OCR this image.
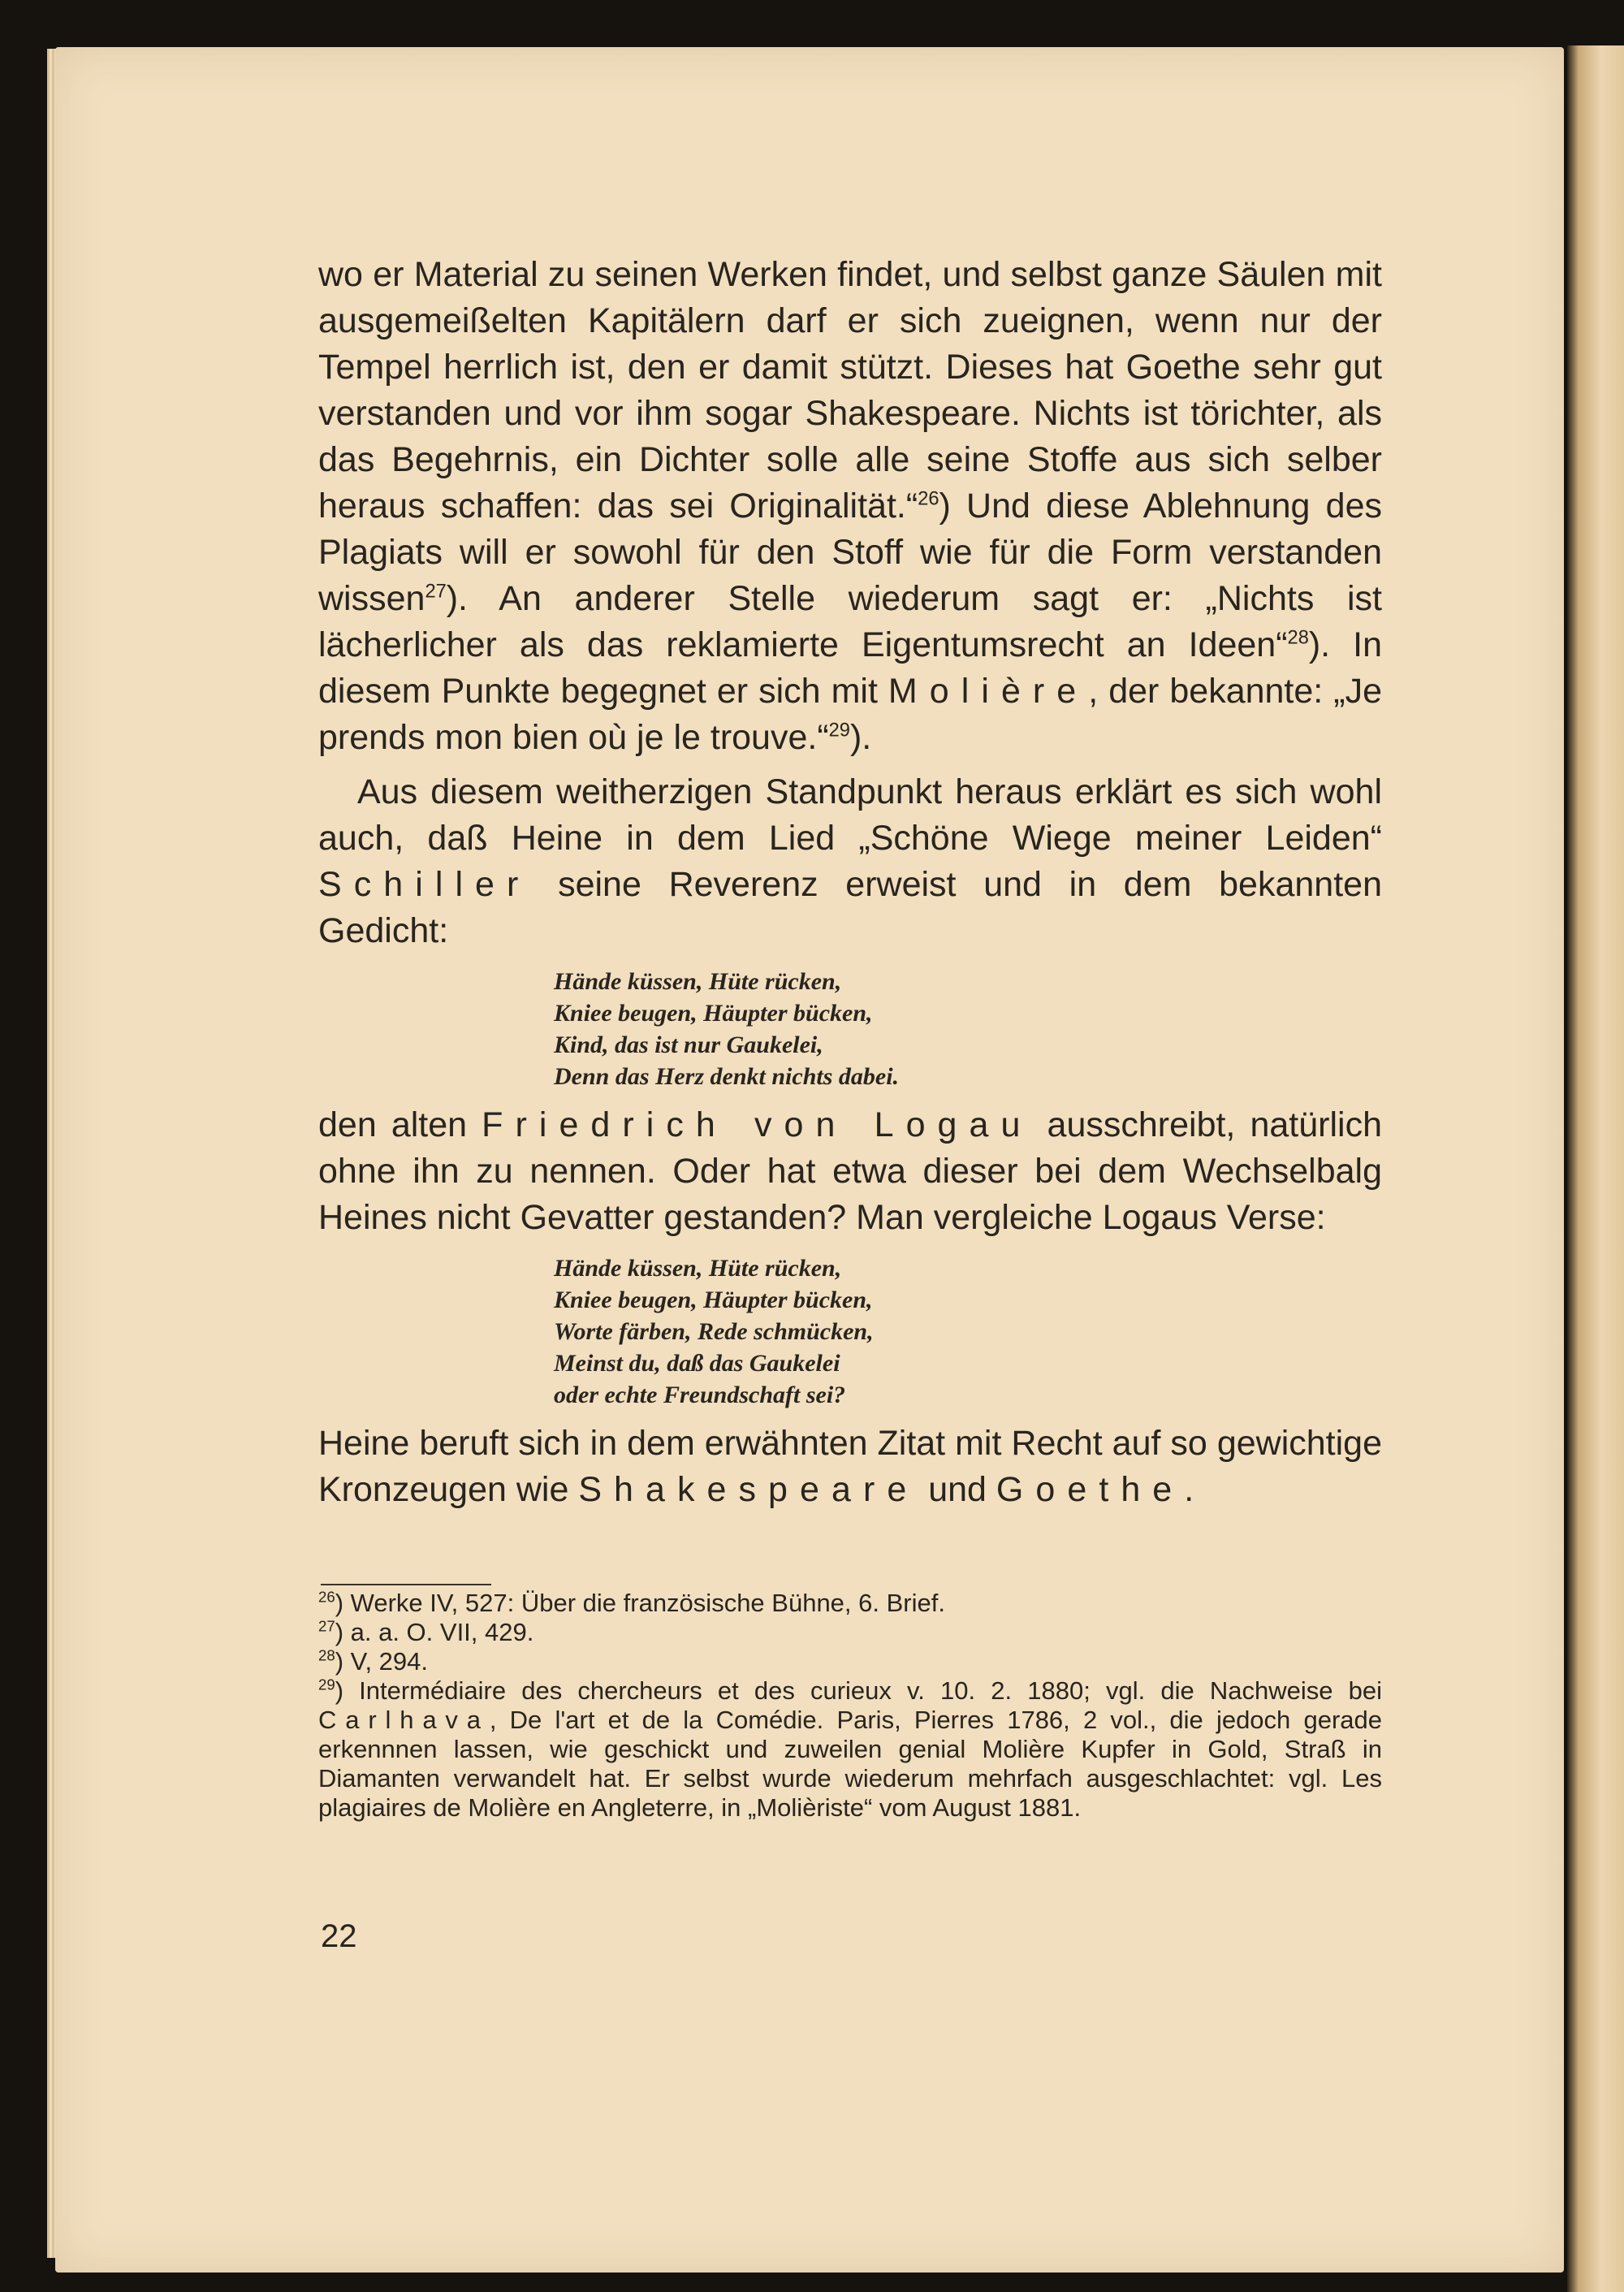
wo er Material zu seinen Werken findet, und selbst ganze Säulen mit ausgemeißelten Kapitälern darf er sich zueignen, wenn nur der Tempel herrlich ist, den er damit stützt. Dieses hat Goethe sehr gut verstanden und vor ihm sogar Shakespeare. Nichts ist törichter, als das Begehrnis, ein Dichter solle alle seine Stoffe aus sich selber heraus schaffen: das sei Originalität.“$^{26}$) Und diese Ablehnung des Plagiats will er sowohl für den Stoff wie für die Form verstanden wissen$^{27}$). An anderer Stelle wiederum sagt er: „Nichts ist lächerlicher als das reklamierte Eigentumsrecht an Ideen“$^{28}$). In diesem Punkte begegnet er sich mit Molière, der bekannte: „Je prends mon bien où je le trouve.“$^{29}$).

Aus diesem weitherzigen Standpunkt heraus erklärt es sich wohl auch, daß Heine in dem Lied „Schöne Wiege meiner Leiden“ Schiller seine Reverenz erweist und in dem bekannten Gedicht:

Hände küssen, Hüte rücken,
Kniee beugen, Häupter bücken,
Kind, das ist nur Gaukelei,
Denn das Herz denkt nichts dabei.

den alten Friedrich von Logau ausschreibt, natürlich ohne ihn zu nennen. Oder hat etwa dieser bei dem Wechselbalg Heines nicht Gevatter gestanden? Man vergleiche Logaus Verse:

Hände küssen, Hüte rücken,
Kniee beugen, Häupter bücken,
Worte färben, Rede schmücken,
Meinst du, daß das Gaukelei
oder echte Freundschaft sei?

Heine beruft sich in dem erwähnten Zitat mit Recht auf so gewichtige Kronzeugen wie Shakespeare und Goethe.

$^{26}$) Werke IV, 527: Über die französische Bühne, 6. Brief.

$^{27}$) a. a. O. VII, 429.

$^{28}$) V, 294.

$^{29}$) Intermédiaire des chercheurs et des curieux v. 10. 2. 1880; vgl. die Nachweise bei Carlhava, De l'art et de la Comédie. Paris, Pierres 1786, 2 vol., die jedoch gerade erkennnen lassen, wie geschickt und zuweilen genial Molière Kupfer in Gold, Straß in Diamanten verwandelt hat. Er selbst wurde wiederum mehrfach ausgeschlachtet: vgl. Les plagiaires de Molière en Angleterre, in „Molièriste“ vom August 1881.

22
